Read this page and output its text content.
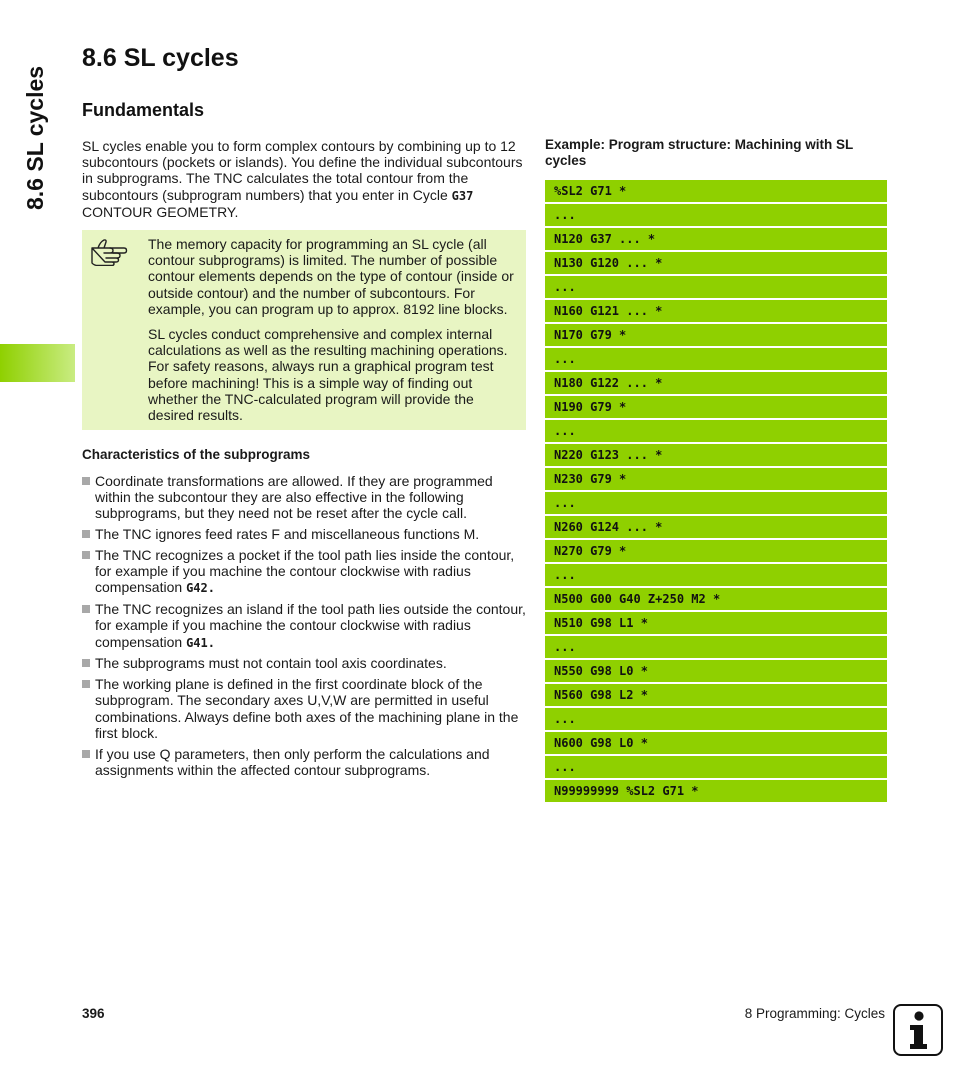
8.6 SL cycles
8.6 SL cycles
Fundamentals

SL cycles enable you to form complex contours by combining up to 12 subcontours (pockets or islands). You define the individual subcontours in subprograms. The TNC calculates the total contour from the subcontours (subprogram numbers) that you enter in Cycle G37 CONTOUR GEOMETRY.

The memory capacity for programming an SL cycle (all contour subprograms) is limited. The number of possible contour elements depends on the type of contour (inside or outside contour) and the number of subcontours. For example, you can program up to approx. 8192 line blocks.

SL cycles conduct comprehensive and complex internal calculations as well as the resulting machining operations. For safety reasons, always run a graphical program test before machining! This is a simple way of finding out whether the TNC-calculated program will provide the desired results.

Characteristics of the subprograms
Coordinate transformations are allowed. If they are programmed within the subcontour they are also effective in the following subprograms, but they need not be reset after the cycle call.
The TNC ignores feed rates F and miscellaneous functions M.
The TNC recognizes a pocket if the tool path lies inside the contour, for example if you machine the contour clockwise with radius compensation G42.
The TNC recognizes an island if the tool path lies outside the contour, for example if you machine the contour clockwise with radius compensation G41.
The subprograms must not contain tool axis coordinates.
The working plane is defined in the first coordinate block of the subprogram. The secondary axes U,V,W are permitted in useful combinations. Always define both axes of the machining plane in the first block.
If you use Q parameters, then only perform the calculations and assignments within the affected contour subprograms.

Example: Program structure: Machining with SL cycles

%SL2 G71 *
...
N120 G37 ... *
N130 G120 ... *
...
N160 G121 ... *
N170 G79 *
...
N180 G122 ... *
N190 G79 *
...
N220 G123 ... *
N230 G79 *
...
N260 G124 ... *
N270 G79 *
...
N500 G00 G40 Z+250 M2 *
N510 G98 L1 *
...
N550 G98 L0 *
N560 G98 L2 *
...
N600 G98 L0 *
...
N99999999 %SL2 G71 *

396	8 Programming: Cycles
